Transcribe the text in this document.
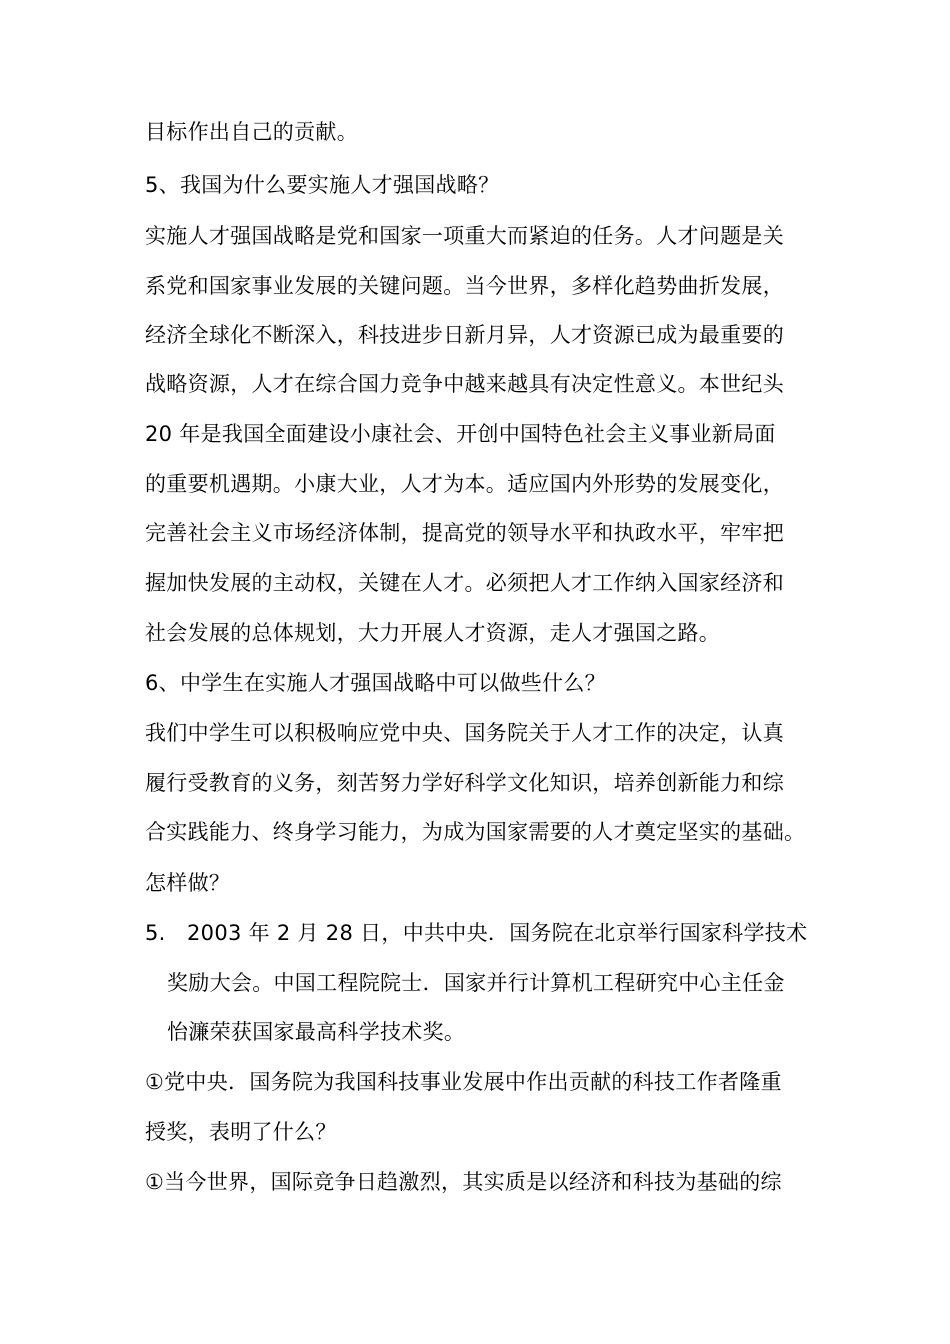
目标作出自己的贡献。

5、我国为什么要实施人才强国战略？

实施人才强国战略是党和国家一项重大而紧迫的任务。人才问题是关

系党和国家事业发展的关键问题。当今世界，多样化趋势曲折发展，

经济全球化不断深入，科技进步日新月异，人才资源已成为最重要的

战略资源，人才在综合国力竞争中越来越具有决定性意义。本世纪头

20 年是我国全面建设小康社会、开创中国特色社会主义事业新局面

的重要机遇期。小康大业，人才为本。适应国内外形势的发展变化，

完善社会主义市场经济体制，提高党的领导水平和执政水平，牢牢把

握加快发展的主动权，关键在人才。必须把人才工作纳入国家经济和

社会发展的总体规划，大力开展人才资源，走人才强国之路。

6、中学生在实施人才强国战略中可以做些什么？

我们中学生可以积极响应党中央、国务院关于人才工作的决定，认真

履行受教育的义务，刻苦努力学好科学文化知识，培养创新能力和综

合实践能力、终身学习能力，为成为国家需要的人才奠定坚实的基础。

怎样做？

5. 2003 年 2 月 28 日，中共中央．国务院在北京举行国家科学技术

奖励大会。中国工程院院士．国家并行计算机工程研究中心主任金

怡濂荣获国家最高科学技术奖。

①党中央．国务院为我国科技事业发展中作出贡献的科技工作者隆重

授奖，表明了什么？

①当今世界，国际竞争日趋激烈，其实质是以经济和科技为基础的综
